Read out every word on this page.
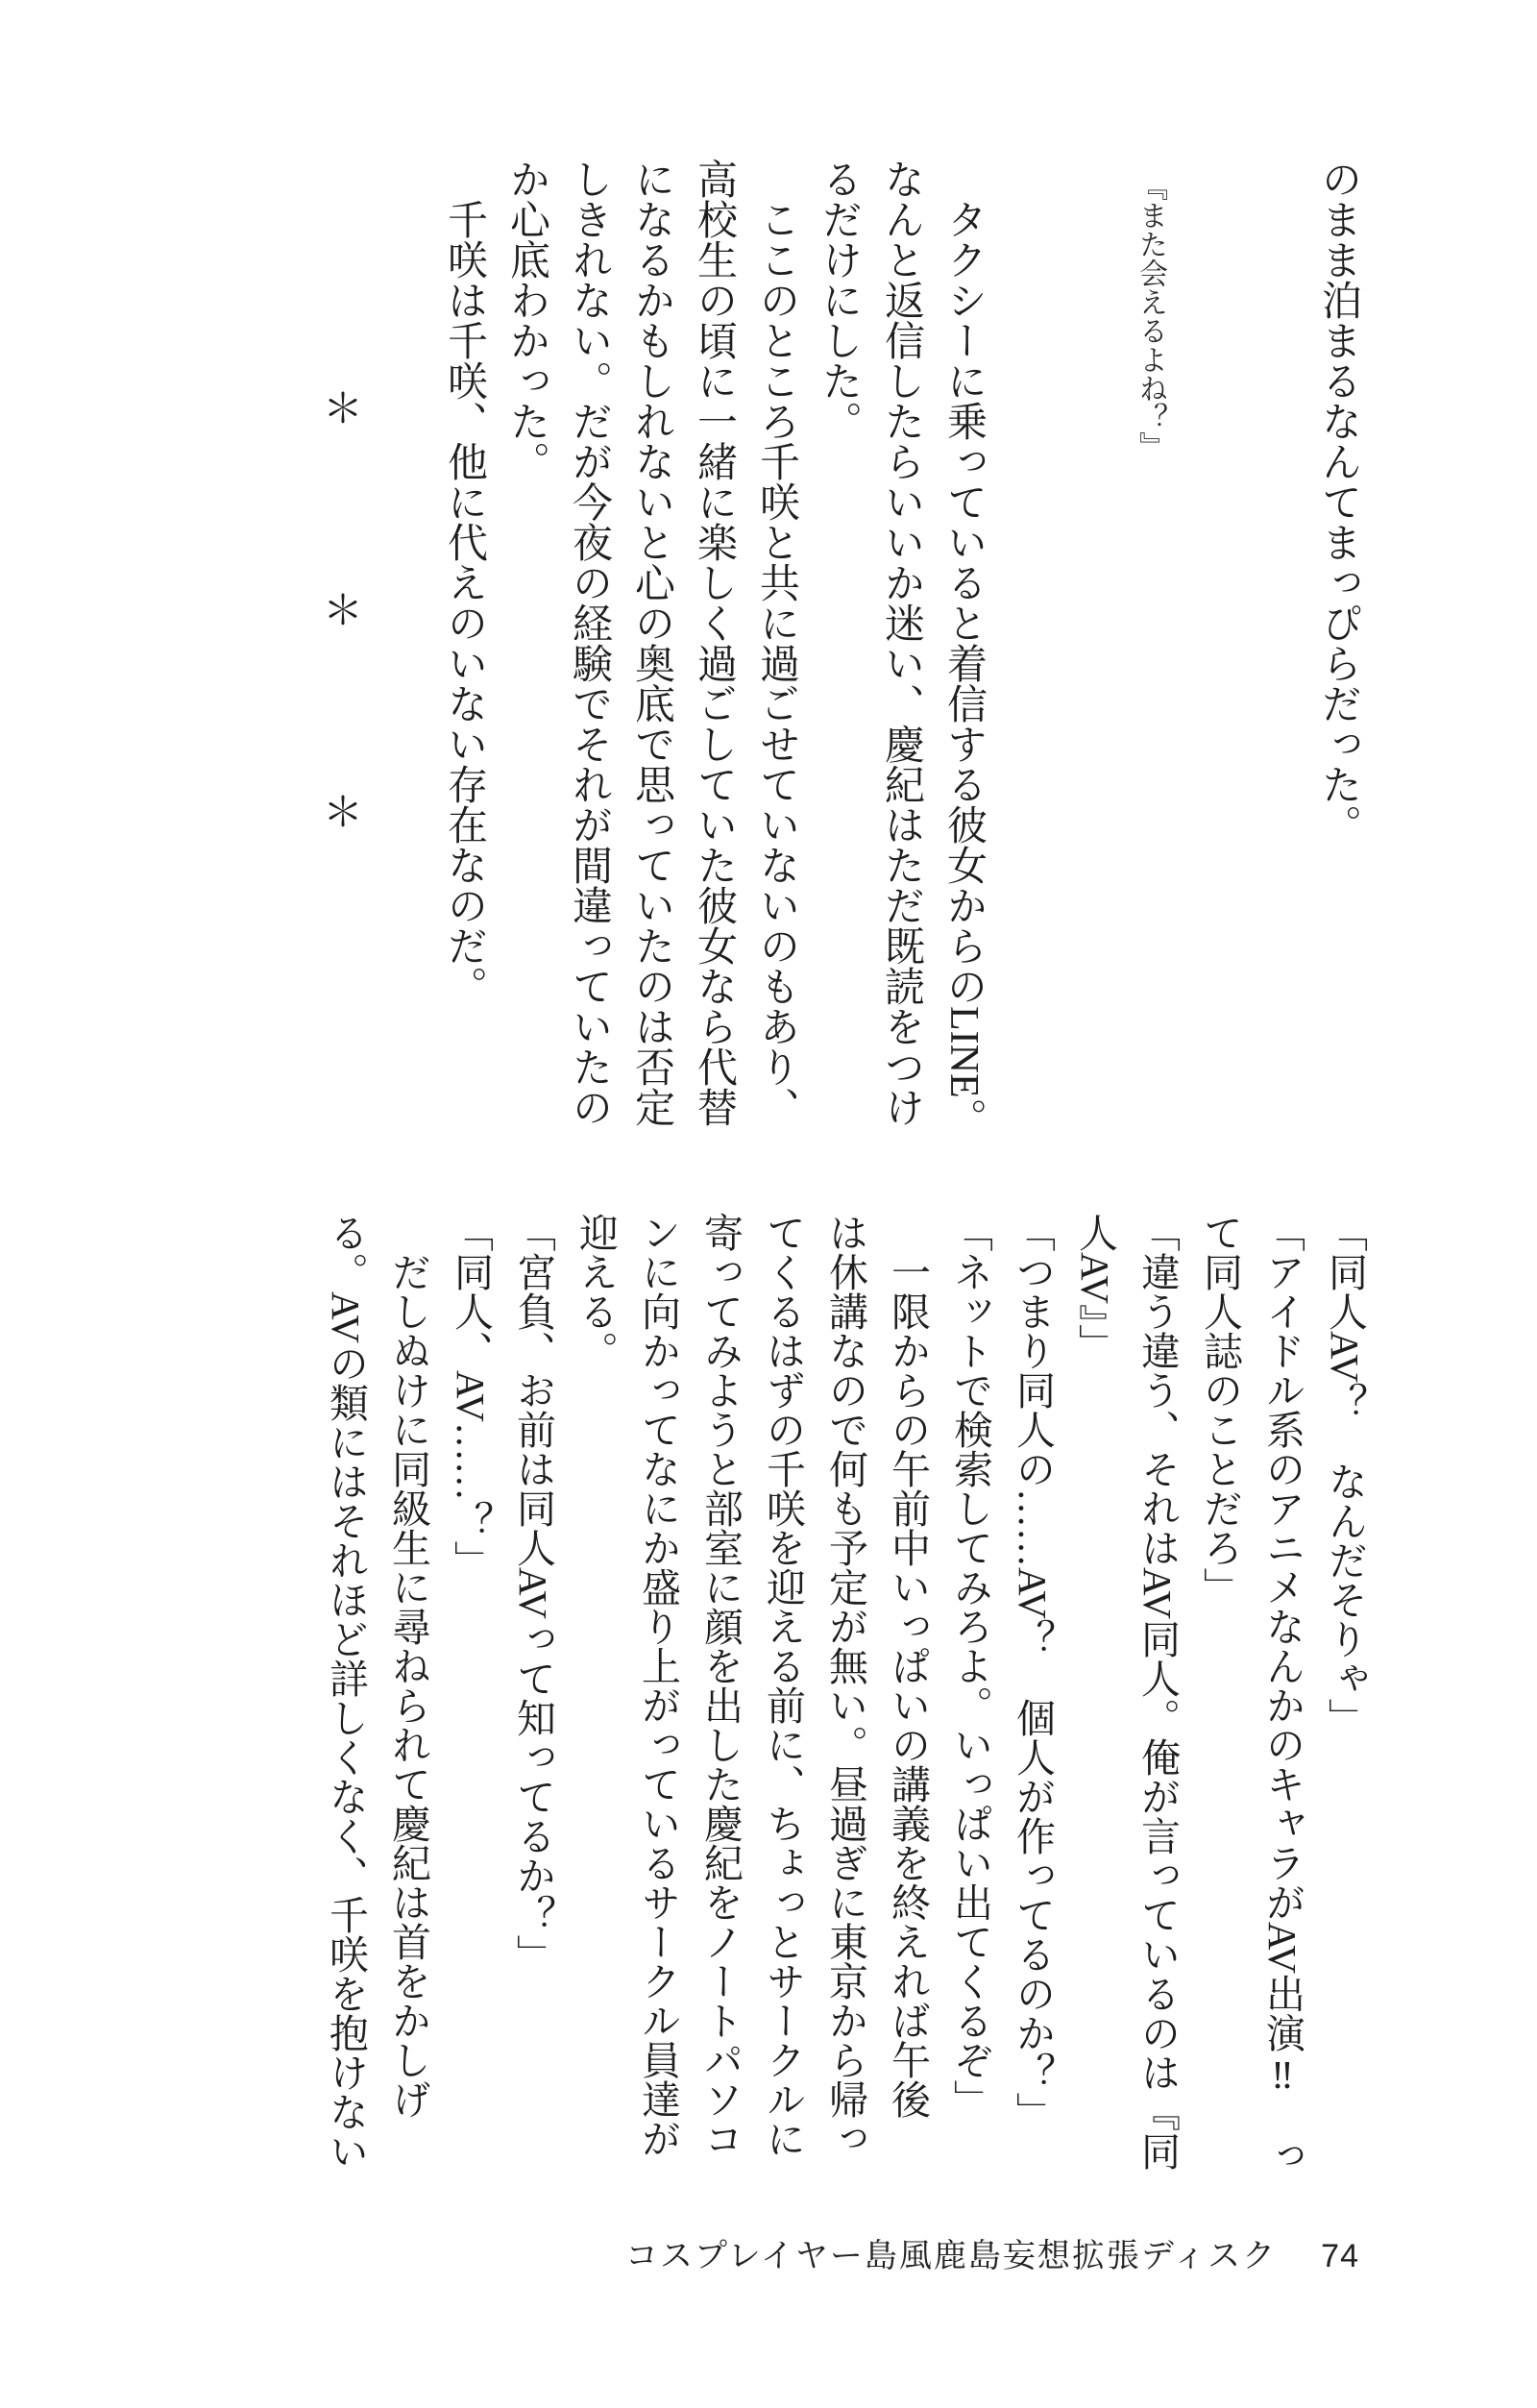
のまま泊まるなんてまっぴらだった。

『また会えるよね？』

　タクシーに乗っていると着信する彼女からのLINE。

なんと返信したらいいか迷い、慶紀はただ既読をつけ

るだけにした。

　ここのところ千咲と共に過ごせていないのもあり、

高校生の頃に一緒に楽しく過ごしていた彼女なら代替

になるかもしれないと心の奥底で思っていたのは否定

しきれない。だが今夜の経験でそれが間違っていたの

か心底わかった。

　千咲は千咲、他に代えのいない存在なのだ。

＊　　　　＊　　　　＊

「同人AV？　なんだそりゃ」

「アイドル系のアニメなんかのキャラがAV出演‼　っ

て同人誌のことだろ」

「違う違う、それはAV同人。俺が言っているのは『同

人AV』」

「つまり同人の……AV？　個人が作ってるのか？」

「ネットで検索してみろよ。いっぱい出てくるぞ」

　一限からの午前中いっぱいの講義を終えれば午後

は休講なので何も予定が無い。昼過ぎに東京から帰っ

てくるはずの千咲を迎える前に、ちょっとサークルに

寄ってみようと部室に顔を出した慶紀をノートパソコ

ンに向かってなにか盛り上がっているサークル員達が

迎える。

「宮負、お前は同人AVって知ってるか？」

「同人、AV……？」

　だしぬけに同級生に尋ねられて慶紀は首をかしげ

る。AVの類にはそれほど詳しくなく、千咲を抱けない

コスプレイヤー島風鹿島妄想拡張ディスク 74
